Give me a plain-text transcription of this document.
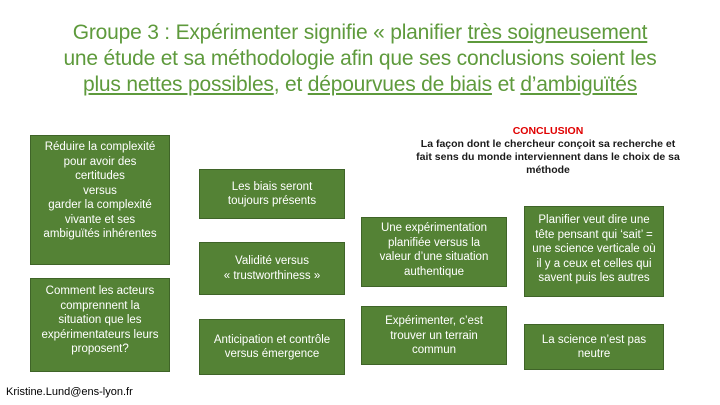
Groupe 3 : Expérimenter signifie « planifier très soigneusement
une étude et sa méthodologie afin que ses conclusions soient les
plus nettes possibles, et dépourvues de biais et d’ambiguïtés
Réduire la complexité
pour avoir des
certitudes
versus
garder la complexité
vivante et ses
ambiguïtés inhérentes
Comment les acteurs
comprennent la
situation que les
expérimentateurs leurs
proposent?
Les biais seront
toujours présents
Validité versus
« trustworthiness »
Anticipation et contrôle
versus émergence
Une expérimentation
planifiée versus la
valeur d’une situation
authentique
Expérimenter, c’est
trouver un terrain
commun
Planifier veut dire une
tête pensant qui ‘sait’ =
une science verticale où
il y a ceux et celles qui
savent puis les autres
La science n’est pas
neutre
CONCLUSION
La façon dont le chercheur conçoit sa recherche et
fait sens du monde interviennent dans le choix de sa
méthode
Kristine.Lund@ens-lyon.fr
